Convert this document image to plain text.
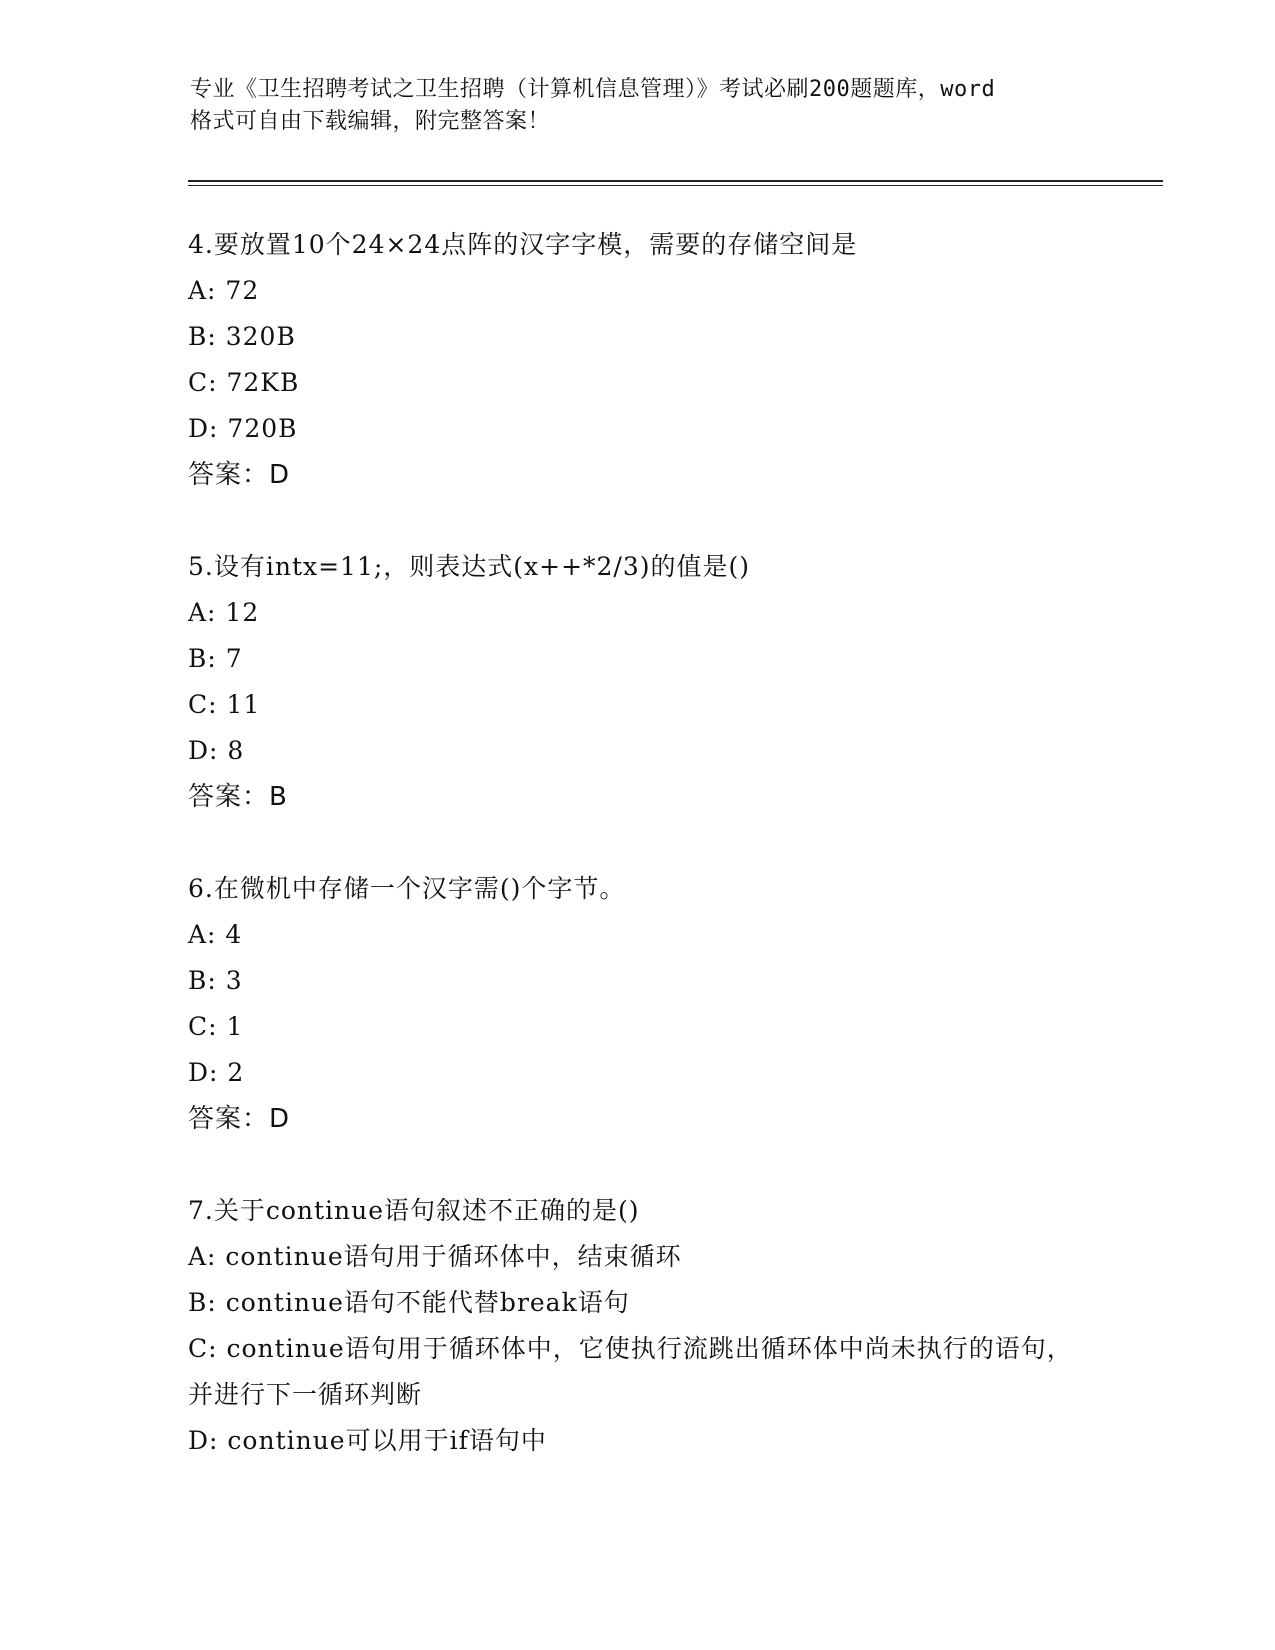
专业《卫生招聘考试之卫生招聘（计算机信息管理）》考试必刷200题题库，word
格式可自由下载编辑，附完整答案！
4.要放置10个24×24点阵的汉字字模，需要的存储空间是
A: 72
B: 320B
C: 72KB
D: 720B
答案：D
5.设有intx=11;，则表达式(x++*2/3)的值是()
A: 12
B: 7
C: 11
D: 8
答案：B
6.在微机中存储一个汉字需()个字节。
A: 4
B: 3
C: 1
D: 2
答案：D
7.关于continue语句叙述不正确的是()
A: continue语句用于循环体中，结束循环
B: continue语句不能代替break语句
C: continue语句用于循环体中，它使执行流跳出循环体中尚未执行的语句，并进行下一循环判断
D: continue可以用于if语句中
